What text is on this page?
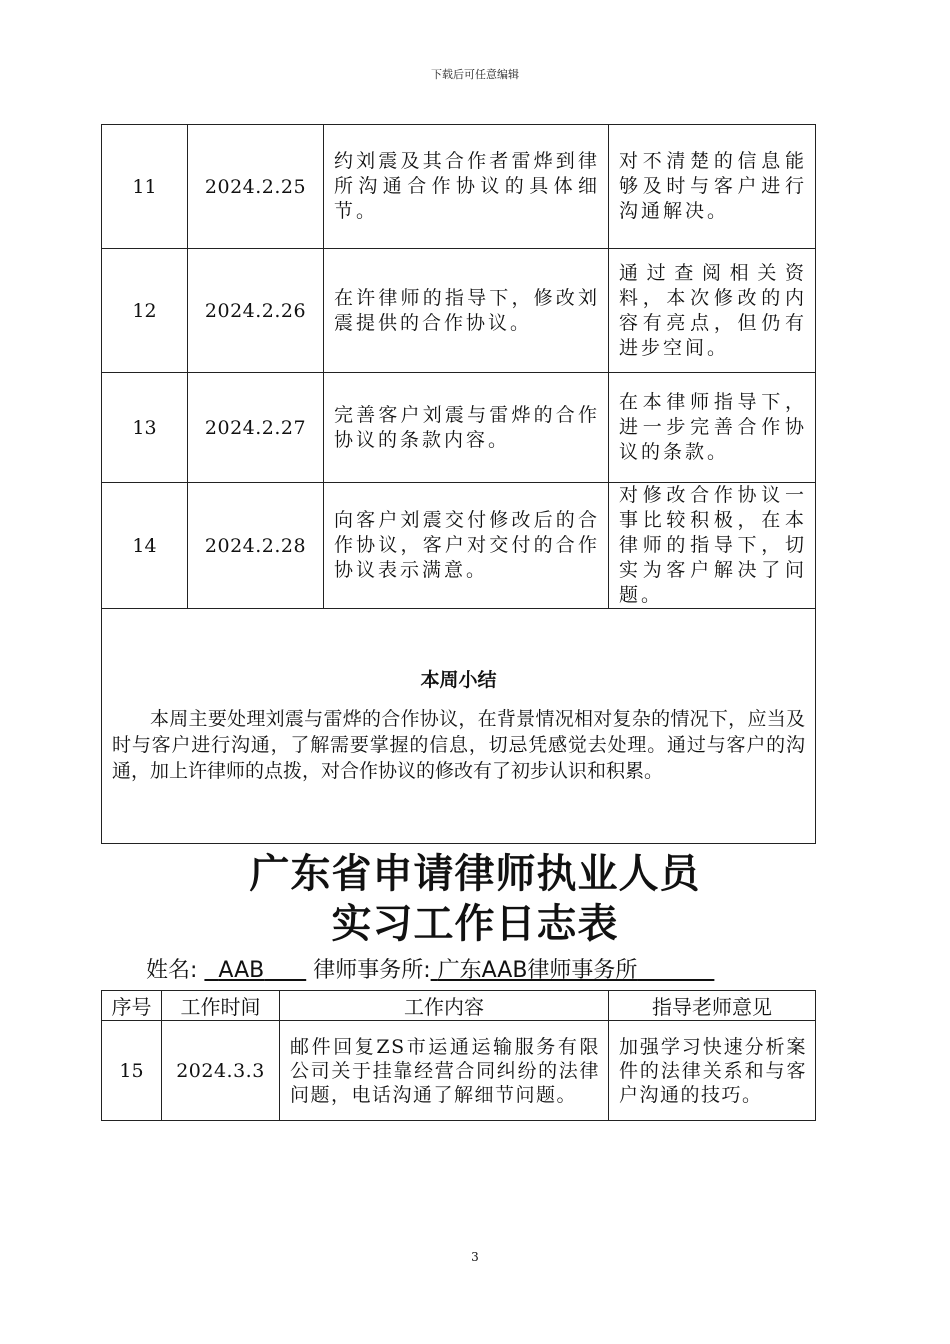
下载后可任意编辑
11	2024.2.25	约刘震及其合作者雷烨到律所沟通合作协议的具体细节。	对不清楚的信息能够及时与客户进行沟通解决。
12	2024.2.26	在许律师的指导下，修改刘震提供的合作协议。	通过查阅相关资料，本次修改的内容有亮点，但仍有进步空间。
13	2024.2.27	完善客户刘震与雷烨的合作协议的条款内容。	在本律师指导下，进一步完善合作协议的条款。
14	2024.2.28	向客户刘震交付修改后的合作协议，客户对交付的合作协议表示满意。	对修改合作协议一事比较积极，在本律师的指导下，切实为客户解决了问题。

本周小结
本周主要处理刘震与雷烨的合作协议，在背景情况相对复杂的情况下，应当及时与客户进行沟通，了解需要掌握的信息，切忌凭感觉去处理。通过与客户的沟通，加上许律师的点拨，对合作协议的修改有了初步认识和积累。			
广东省申请律师执业人员
实习工作日志表
姓名: AAB 律师事务所: 广东AAB律师事务所
序号	工作时间	工作内容	指导老师意见
15	2024.3.3	邮件回复ZS市运通运输服务有限公司关于挂靠经营合同纠纷的法律问题，电话沟通了解细节问题。	加强学习快速分析案件的法律关系和与客户沟通的技巧。
3
